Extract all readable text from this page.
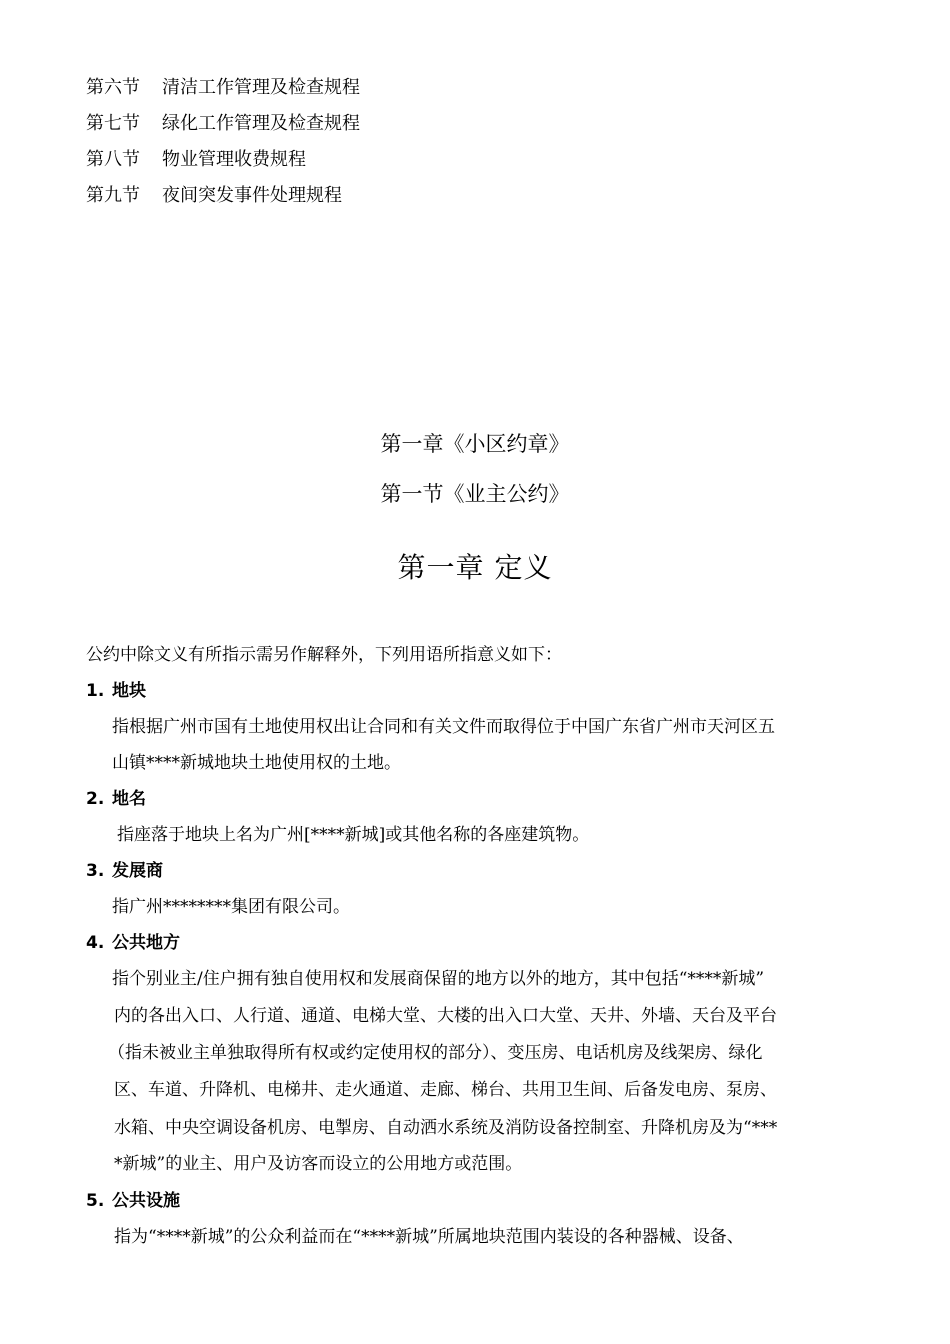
第六节 清洁工作管理及检查规程
第七节 绿化工作管理及检查规程
第八节 物业管理收费规程
第九节 夜间突发事件处理规程
第一章《小区约章》
第一节《业主公约》
第一章 定义
公约中除文义有所指示需另作解释外，下列用语所指意义如下：
1. 地块
指根据广州市国有土地使用权出让合同和有关文件而取得位于中国广东省广州市天河区五
山镇****新城地块土地使用权的土地。
2. 地名
指座落于地块上名为广州[****新城]或其他名称的各座建筑物。
3. 发展商
指广州********集团有限公司。
4. 公共地方
指个别业主/住户拥有独自使用权和发展商保留的地方以外的地方，其中包括“****新城”
内的各出入口、人行道、通道、电梯大堂、大楼的出入口大堂、天井、外墙、天台及平台
（指未被业主单独取得所有权或约定使用权的部分）、变压房、电话机房及线架房、绿化
区、车道、升降机、电梯井、走火通道、走廊、梯台、共用卫生间、后备发电房、泵房、
水箱、中央空调设备机房、电掣房、自动洒水系统及消防设备控制室、升降机房及为“***
*新城”的业主、用户及访客而设立的公用地方或范围。
5. 公共设施
指为“****新城”的公众利益而在“****新城”所属地块范围内装设的各种器械、设备、
